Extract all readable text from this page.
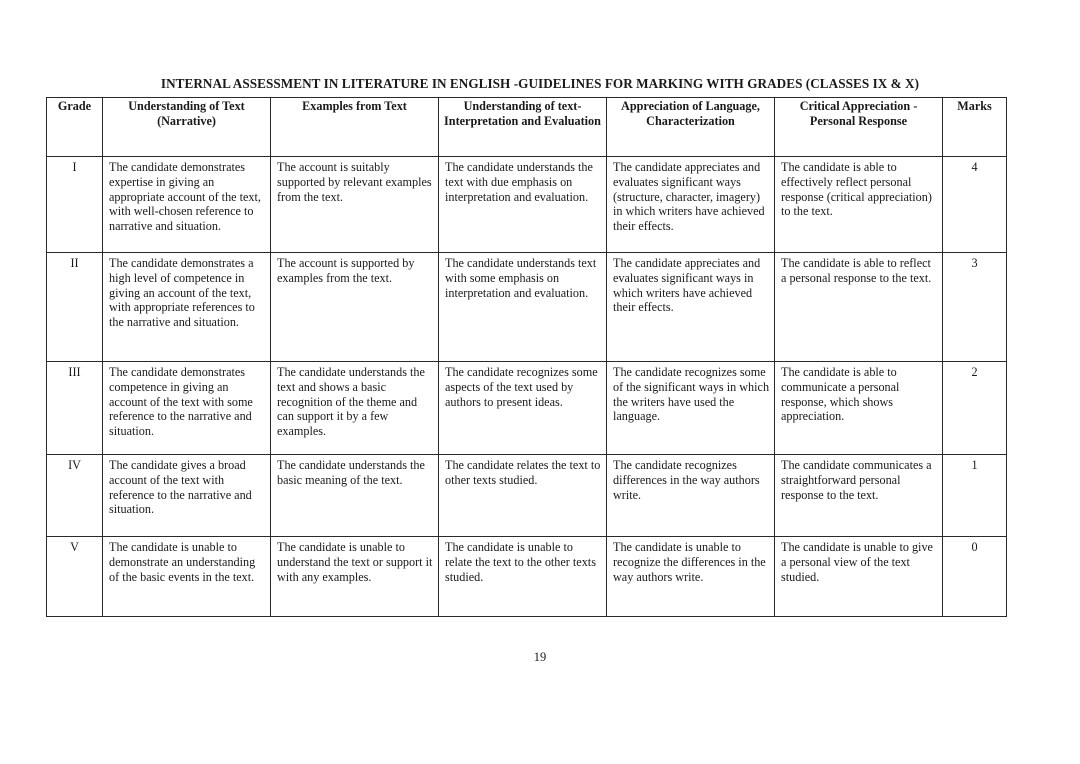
INTERNAL ASSESSMENT IN LITERATURE IN ENGLISH -GUIDELINES FOR MARKING WITH GRADES (CLASSES IX & X)
Grade	Understanding of Text (Narrative)	Examples from Text	Understanding of text- Interpretation and Evaluation	Appreciation of Language, Characterization	Critical Appreciation - Personal Response	Marks
I	The candidate demonstrates expertise in giving an appropriate account of the text, with well-chosen reference to narrative and situation.	The account is suitably supported by relevant examples from the text.	The candidate understands the text with due emphasis on interpretation and evaluation.	The candidate appreciates and evaluates significant ways (structure, character, imagery) in which writers have achieved their effects.	The candidate is able to effectively reflect personal response (critical appreciation) to the text.	4
II	The candidate demonstrates a high level of competence in giving an account of the text, with appropriate references to the narrative and situation.	The account is supported by examples from the text.	The candidate understands text with some emphasis on interpretation and evaluation.	The candidate appreciates and evaluates significant ways in which writers have achieved their effects.	The candidate is able to reflect a personal response to the text.	3
III	The candidate demonstrates competence in giving an account of the text with some reference to the narrative and situation.	The candidate understands the text and shows a basic recognition of the theme and can support it by a few examples.	The candidate recognizes some aspects of the text used by authors to present ideas.	The candidate recognizes some of the significant ways in which the writers have used the language.	The candidate is able to communicate a personal response, which shows appreciation.	2
IV	The candidate gives a broad account of the text with reference to the narrative and situation.	The candidate understands the basic meaning of the text.	The candidate relates the text to other texts studied.	The candidate recognizes differences in the way authors write.	The candidate communicates a straightforward personal response to the text.	1
V	The candidate is unable to demonstrate an understanding of the basic events in the text.	The candidate is unable to understand the text or support it with any examples.	The candidate is unable to relate the text to the other texts studied.	The candidate is unable to recognize the differences in the way authors write.	The candidate is unable to give a personal view of the text studied.	0
19
